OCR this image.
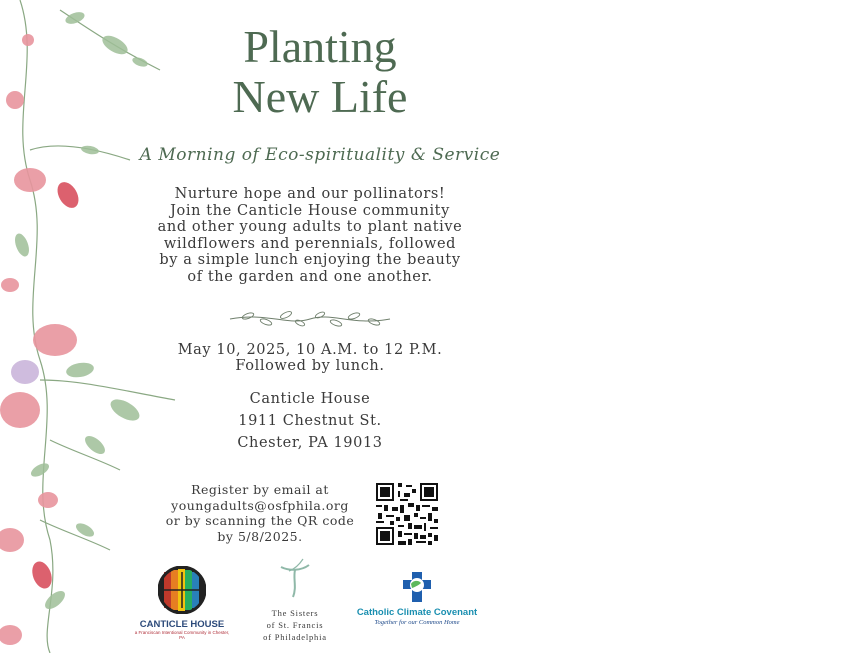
Planting
New Life
A Morning of Eco-spirituality & Service
Nurture hope and our pollinators!
Join the Canticle House community
and other young adults to plant native
wildflowers and perennials, followed
by a simple lunch enjoying the beauty
of the garden and one another.
May 10, 2025, 10 A.M. to 12 P.M.
Followed by lunch.
Canticle House
1911 Chestnut St.
Chester, PA 19013
Register by email at
youngadults@osfphila.org
or by scanning the QR code
by 5/8/2025.
CANTICLE HOUSE
a Franciscan Intentional Community in Chester, PA
The Sisters
of St. Francis
of Philadelphia
Catholic Climate Covenant
Together for our Common Home
